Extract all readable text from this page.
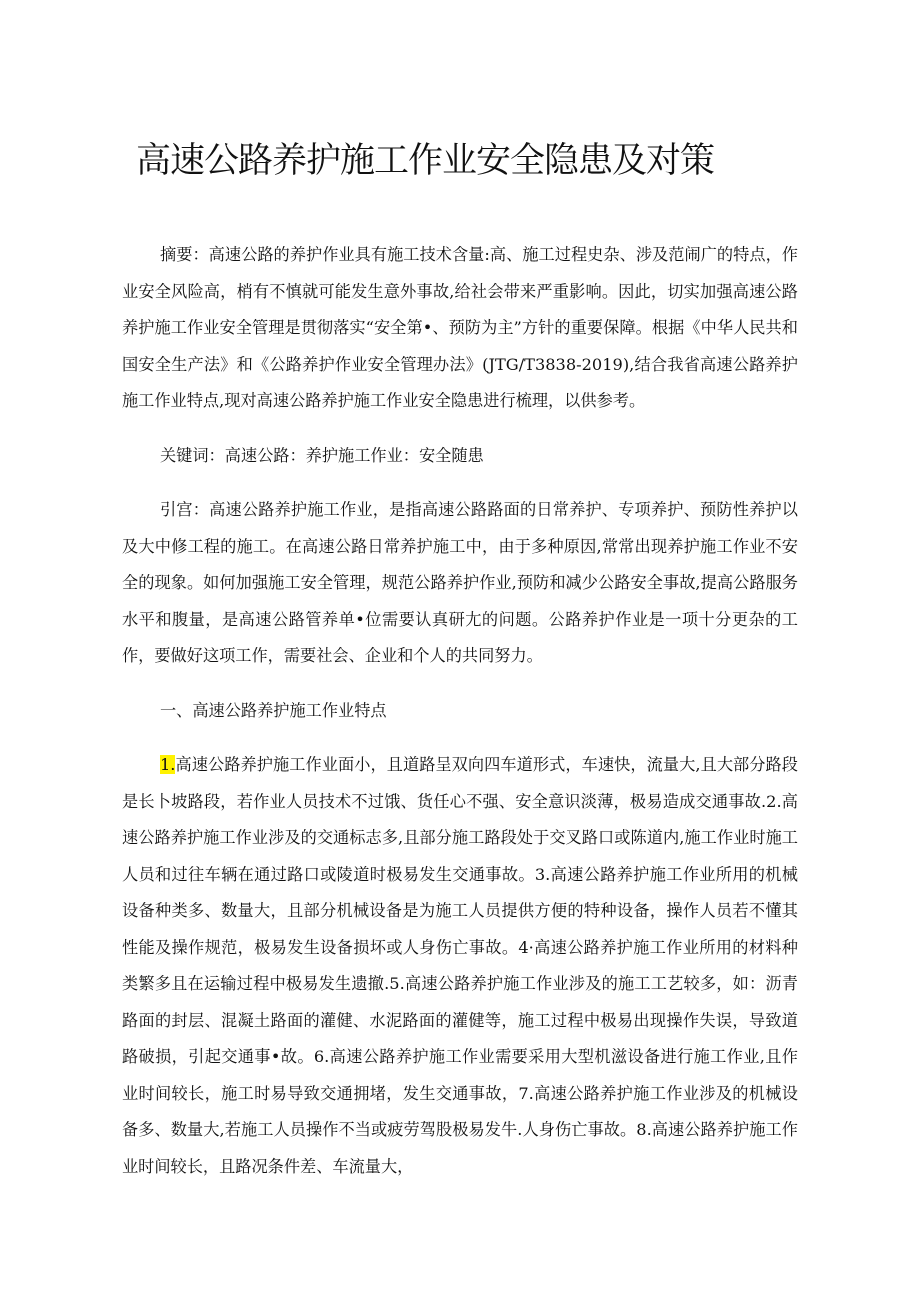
高速公路养护施工作业安全隐患及对策

摘要：高速公路的养护作业具有施工技术含量:高、施工过程史杂、涉及范闹广的特点，作业安全风险高，梢有不慎就可能发生意外事故,给社会带来严重影响。因此，切实加强高速公路养护施工作业安全管理是贯彻落实“安全第•、预防为主”方针的重要保障。根据《中华人民共和国安全生产法》和《公路养护作业安全管理办法》(JTG/T3838-2019),结合我省高速公路养护施工作业特点,现对高速公路养护施工作业安全隐患进行梳理，以供参考。

关键词：高速公路：养护施工作业：安全随患

引宫：高速公路养护施工作业，是指高速公路路面的日常养护、专项养护、预防性养护以及大中修工程的施工。在高速公路日常养护施工中，由于多种原因,常常出现养护施工作业不安全的现象。如何加强施工安全管理，规范公路养护作业,预防和减少公路安全事故,提高公路服务水平和腹量，是高速公路管养单•位需要认真研尢的问题。公路养护作业是一项十分更杂的工作，要做好这项工作，需要社会、企业和个人的共同努力。

一、高速公路养护施工作业特点

1.高速公路养护施工作业面小，且道路呈双向四车道形式，车速快，流量大,且大部分路段是长卜坡路段，若作业人员技术不过饿、货任心不强、安全意识淡薄，极易造成交通事故.2.高速公路养护施工作业涉及的交通标志多,且部分施工路段处于交叉路口或陈道内,施工作业时施工人员和过往车辆在通过路口或陵道时极易发生交通事故。3.高速公路养护施工作业所用的机械设备种类多、数量大，且部分机械设备是为施工人员提供方便的特种设备，操作人员若不懂其性能及操作规范，极易发生设备损坏或人身伤亡事故。4·高速公路养护施工作业所用的材料种类繁多且在运输过程中极易发生遗撤.5.高速公路养护施工作业涉及的施工工艺较多，如：沥青路面的封层、混凝土路面的灌健、水泥路面的灌健等，施工过程中极易出现操作失误，导致道路破损，引起交通事•故。6.高速公路养护施工作业需要采用大型机滋设备进行施工作业,且作业时间较长，施工时易导致交通拥堵，发生交通事故，7.高速公路养护施工作业涉及的机械设备多、数量大,若施工人员操作不当或疲劳驾股极易发牛.人身伤亡事故。8.高速公路养护施工作业时间较长，且路况条件差、车流量大，
